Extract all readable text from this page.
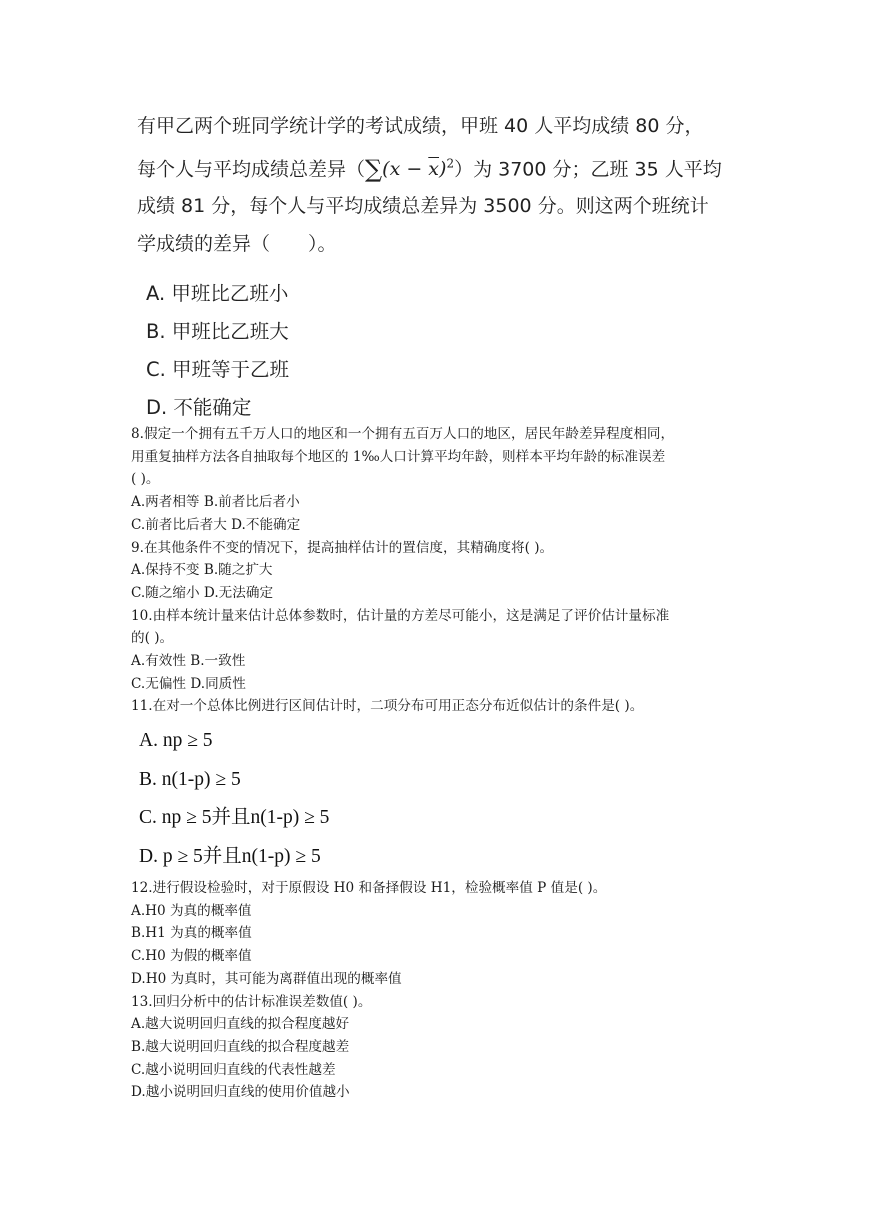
有甲乙两个班同学统计学的考试成绩，甲班 40 人平均成绩 80 分，
每个人与平均成绩总差异$(\sum(x - \overline{x})^2)$为 3700 分；乙班 35 人平均
成绩 81 分，每个人与平均成绩总差异为 3500 分。则这两个班统计
学成绩的差异（　　）。
A. 甲班比乙班小
B. 甲班比乙班大
C. 甲班等于乙班
D. 不能确定
8.假定一个拥有五千万人口的地区和一个拥有五百万人口的地区，居民年龄差异程度相同，
用重复抽样方法各自抽取每个地区的 1‰人口计算平均年龄，则样本平均年龄的标准误差
( )。
A.两者相等 B.前者比后者小
C.前者比后者大 D.不能确定
9.在其他条件不变的情况下，提高抽样估计的置信度，其精确度将( )。
A.保持不变 B.随之扩大
C.随之缩小 D.无法确定
10.由样本统计量来估计总体参数时，估计量的方差尽可能小，这是满足了评价估计量标准
的( )。
A.有效性 B.一致性
C.无偏性 D.同质性
11.在对一个总体比例进行区间估计时，二项分布可用正态分布近似估计的条件是( )。
A. np ≥ 5
B. n(1-p) ≥ 5
C. np ≥ 5并且n(1-p) ≥ 5
D. p ≥ 5并且n(1-p) ≥ 5
12.进行假设检验时，对于原假设 H0 和备择假设 H1，检验概率值 P 值是( )。
A.H0 为真的概率值
B.H1 为真的概率值
C.H0 为假的概率值
D.H0 为真时，其可能为离群值出现的概率值
13.回归分析中的估计标准误差数值( )。
A.越大说明回归直线的拟合程度越好
B.越大说明回归直线的拟合程度越差
C.越小说明回归直线的代表性越差
D.越小说明回归直线的使用价值越小
